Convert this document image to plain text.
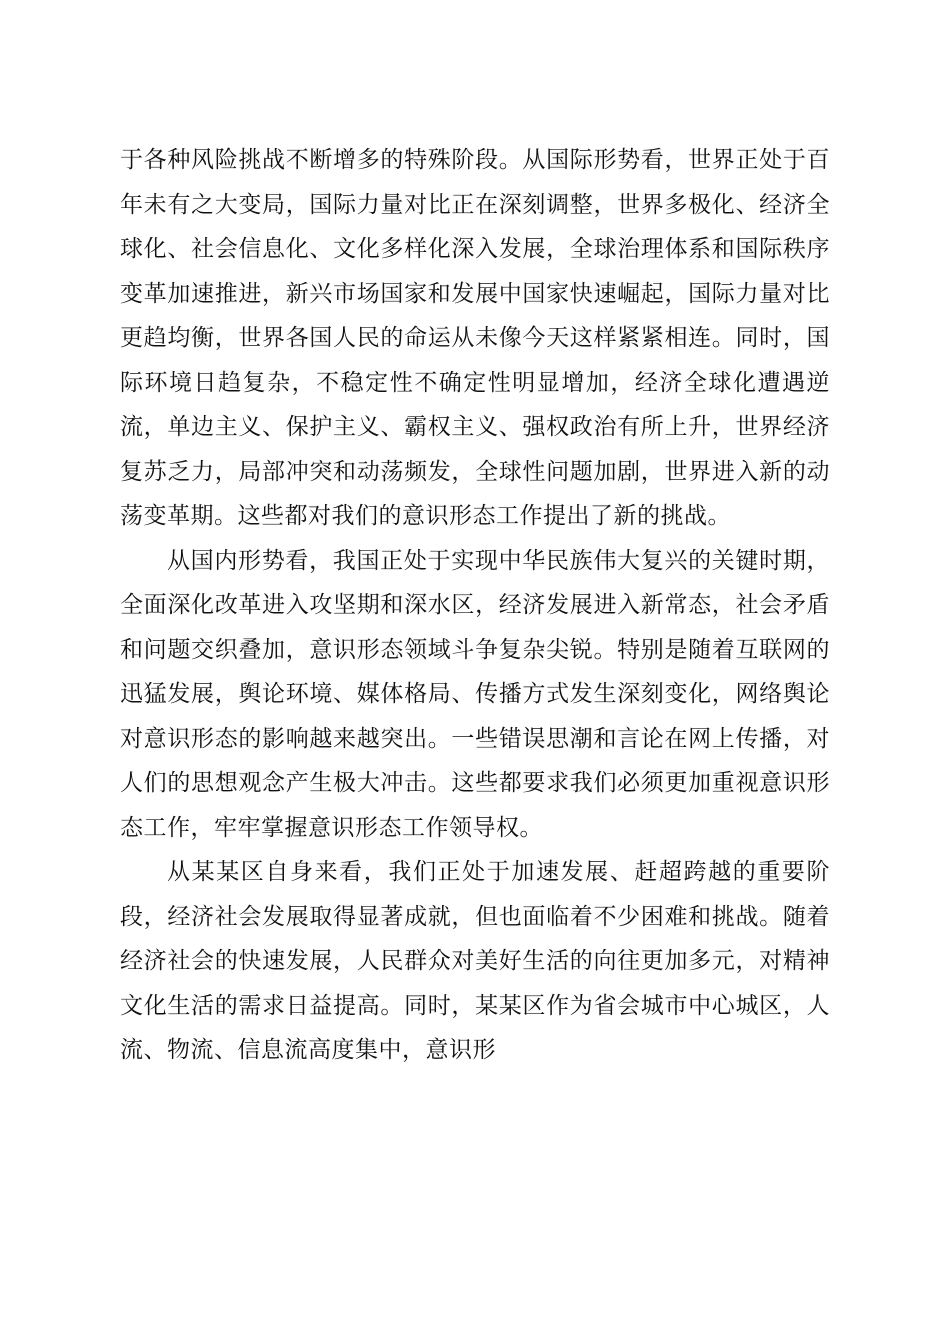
于各种风险挑战不断增多的特殊阶段。从国际形势看，世界正处于百年未有之大变局，国际力量对比正在深刻调整，世界多极化、经济全球化、社会信息化、文化多样化深入发展，全球治理体系和国际秩序变革加速推进，新兴市场国家和发展中国家快速崛起，国际力量对比更趋均衡，世界各国人民的命运从未像今天这样紧紧相连。同时，国际环境日趋复杂，不稳定性不确定性明显增加，经济全球化遭遇逆流，单边主义、保护主义、霸权主义、强权政治有所上升，世界经济复苏乏力，局部冲突和动荡频发，全球性问题加剧，世界进入新的动荡变革期。这些都对我们的意识形态工作提出了新的挑战。

从国内形势看，我国正处于实现中华民族伟大复兴的关键时期，全面深化改革进入攻坚期和深水区，经济发展进入新常态，社会矛盾和问题交织叠加，意识形态领域斗争复杂尖锐。特别是随着互联网的迅猛发展，舆论环境、媒体格局、传播方式发生深刻变化，网络舆论对意识形态的影响越来越突出。一些错误思潮和言论在网上传播，对人们的思想观念产生极大冲击。这些都要求我们必须更加重视意识形态工作，牢牢掌握意识形态工作领导权。

从某某区自身来看，我们正处于加速发展、赶超跨越的重要阶段，经济社会发展取得显著成就，但也面临着不少困难和挑战。随着经济社会的快速发展，人民群众对美好生活的向往更加多元，对精神文化生活的需求日益提高。同时，某某区作为省会城市中心城区，人流、物流、信息流高度集中，意识形
